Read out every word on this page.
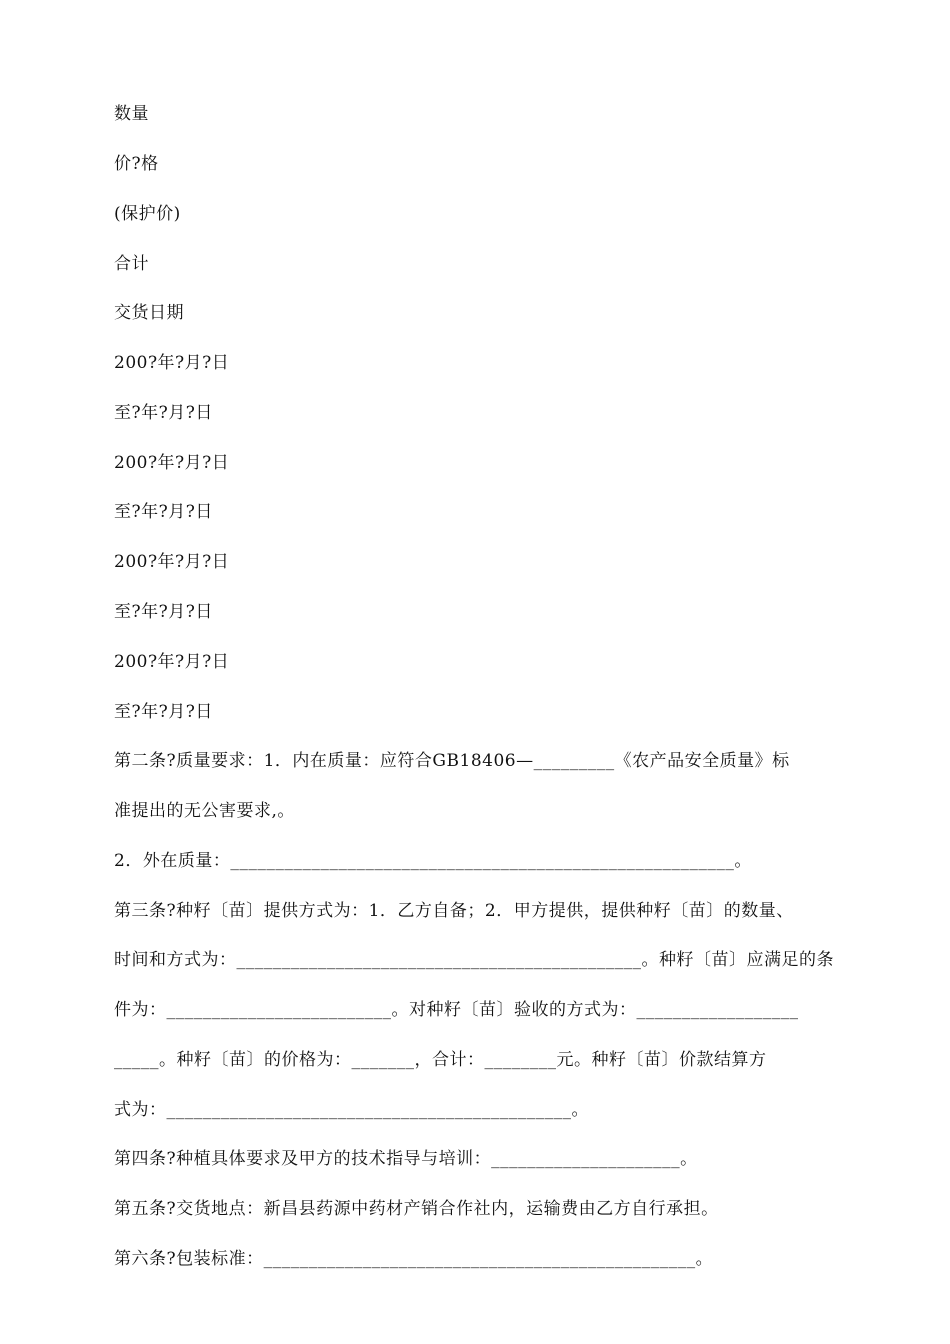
数量
价?格
(保护价)
合计
交货日期
200?年?月?日
至?年?月?日
200?年?月?日
至?年?月?日
200?年?月?日
至?年?月?日
200?年?月?日
至?年?月?日
第二条?质量要求：1．内在质量：应符合GB18406—_________《农产品安全质量》标
准提出的无公害要求,。
2．外在质量：________________________________________________________。
第三条?种籽〔苗〕提供方式为：1．乙方自备；2．甲方提供，提供种籽〔苗〕的数量、
时间和方式为：_____________________________________________。种籽〔苗〕应满足的条
件为：_________________________。对种籽〔苗〕验收的方式为：__________________
_____。种籽〔苗〕的价格为：_______，合计：________元。种籽〔苗〕价款结算方
式为：_____________________________________________。
第四条?种植具体要求及甲方的技术指导与培训：_____________________。
第五条?交货地点：新昌县药源中药材产销合作社内，运输费由乙方自行承担。
第六条?包装标准：________________________________________________。
